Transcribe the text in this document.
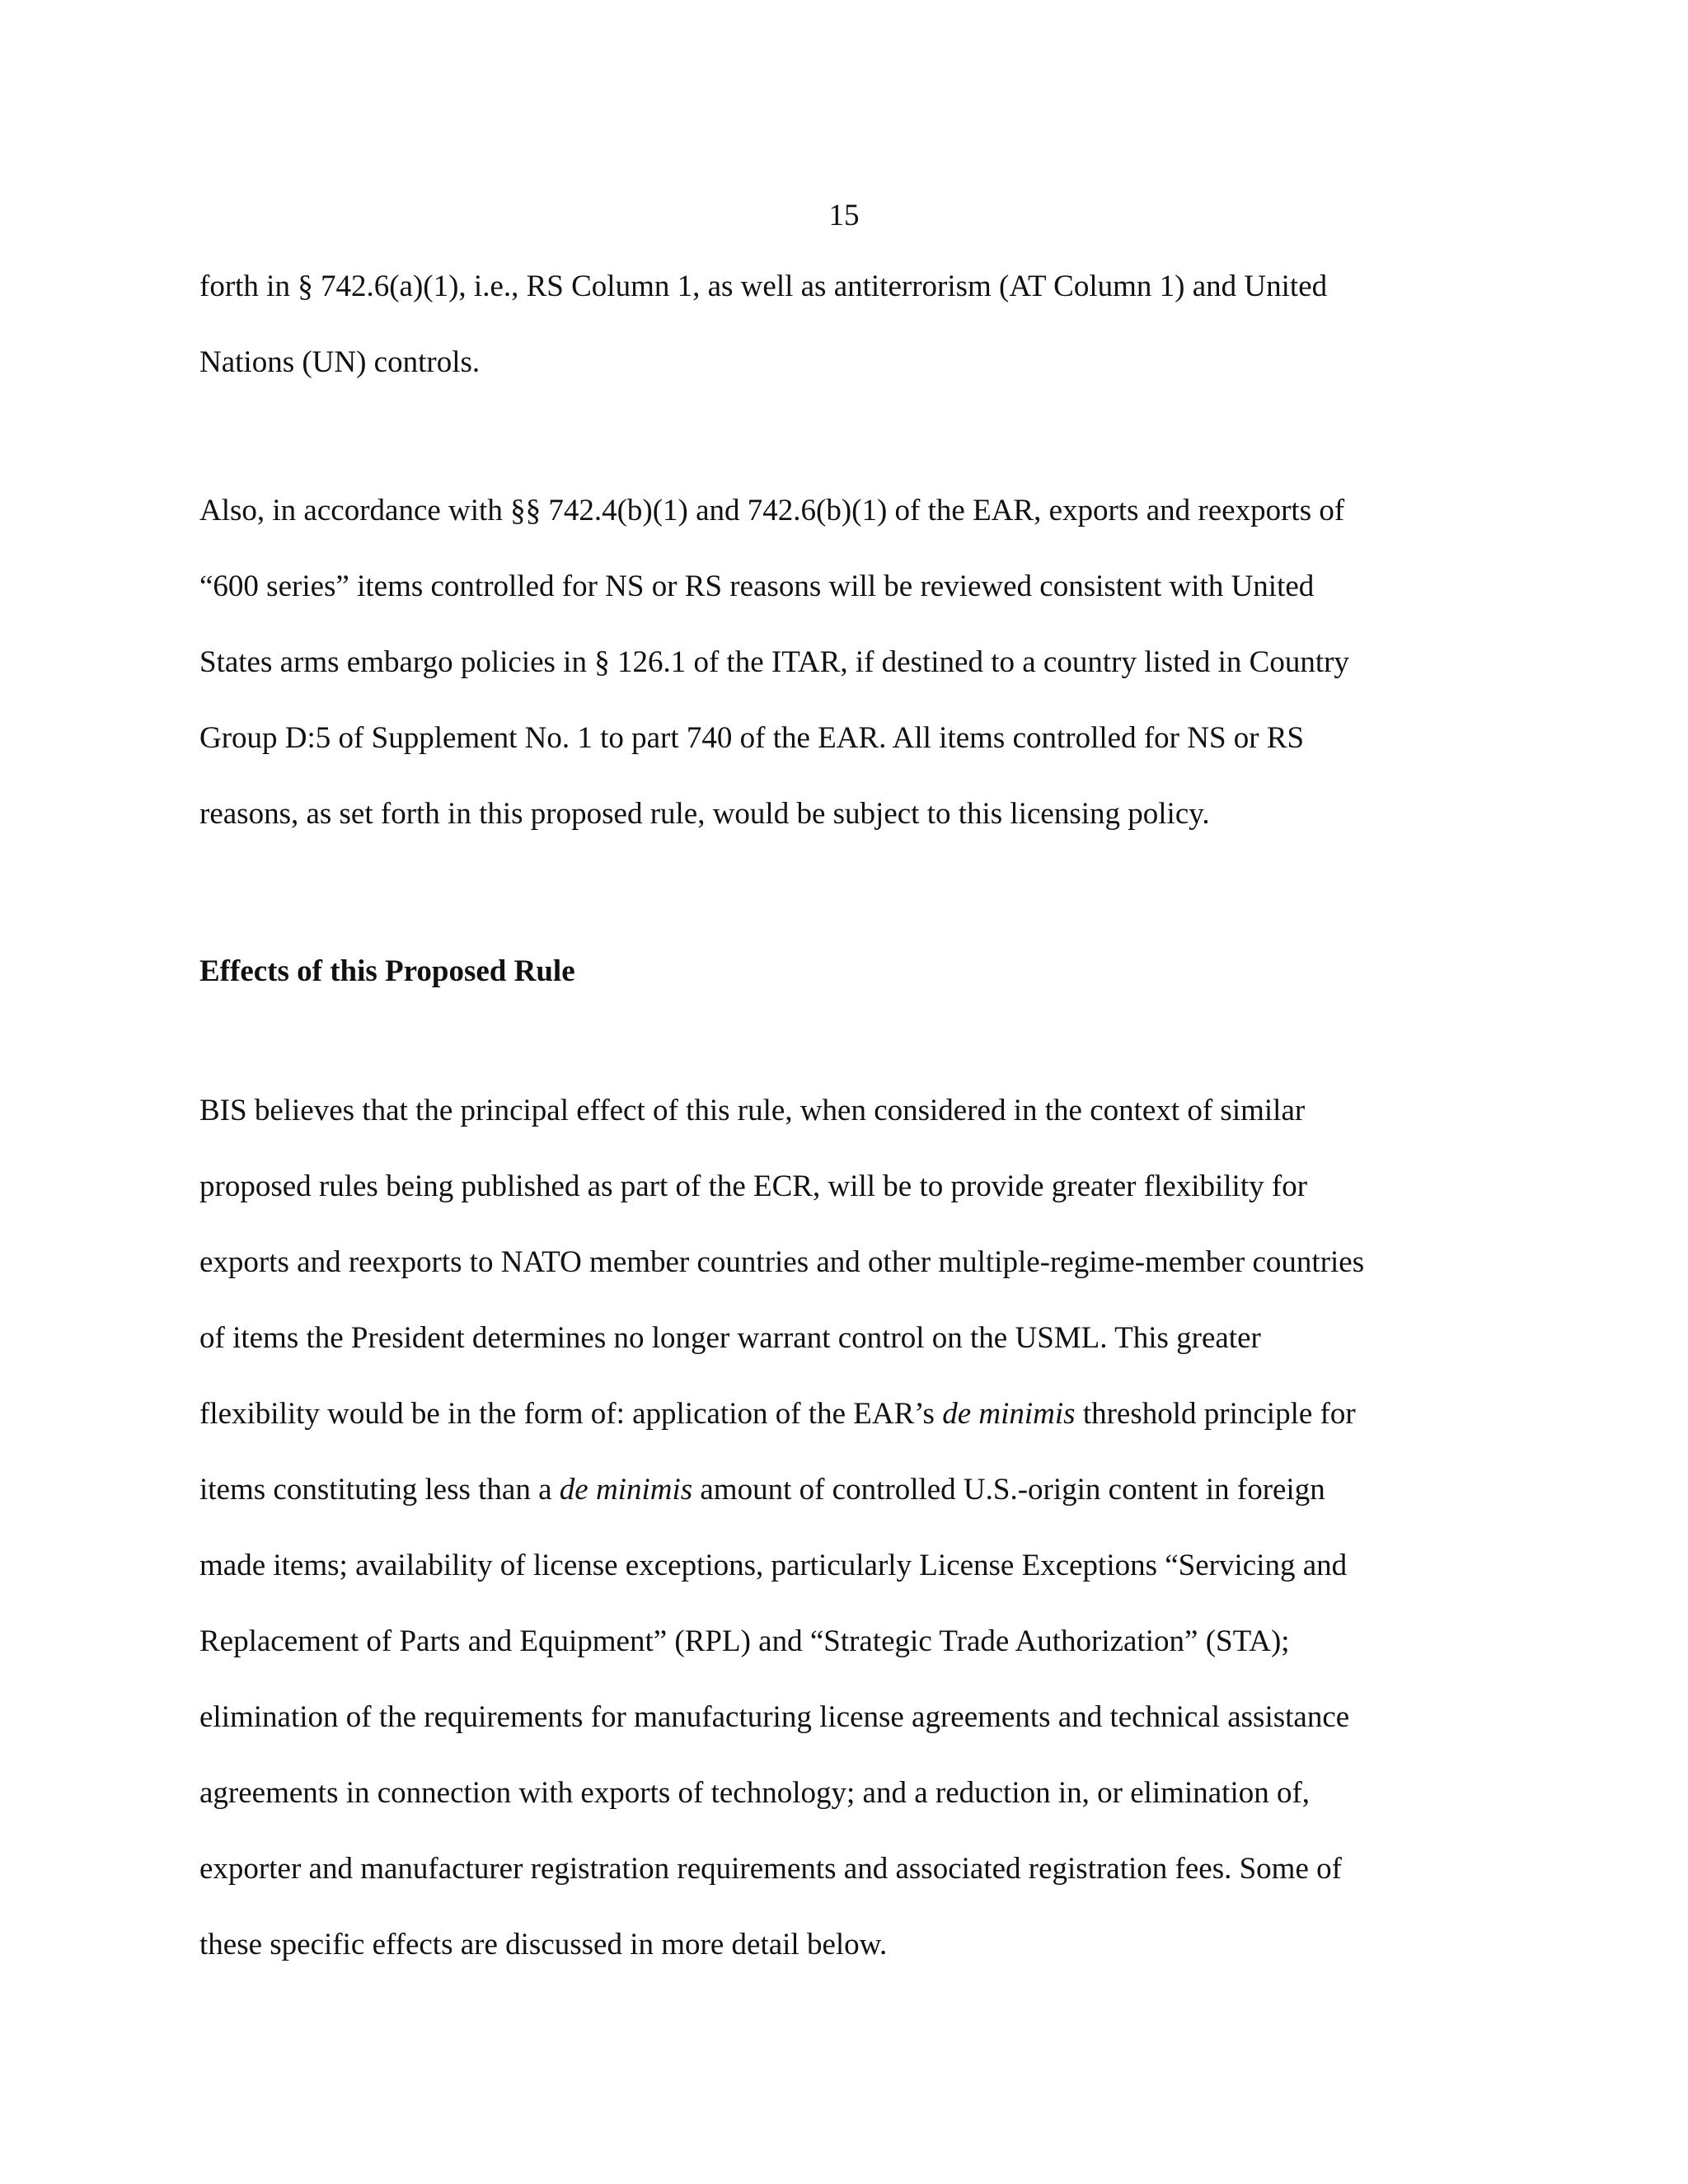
15

forth in § 742.6(a)(1), i.e., RS Column 1, as well as antiterrorism (AT Column 1) and United
Nations (UN) controls.

Also, in accordance with §§ 742.4(b)(1) and 742.6(b)(1) of the EAR, exports and reexports of
“600 series” items controlled for NS or RS reasons will be reviewed consistent with United
States arms embargo policies in § 126.1 of the ITAR, if destined to a country listed in Country
Group D:5 of Supplement No. 1 to part 740 of the EAR. All items controlled for NS or RS
reasons, as set forth in this proposed rule, would be subject to this licensing policy.

Effects of this Proposed Rule

BIS believes that the principal effect of this rule, when considered in the context of similar
proposed rules being published as part of the ECR, will be to provide greater flexibility for
exports and reexports to NATO member countries and other multiple-regime-member countries
of items the President determines no longer warrant control on the USML. This greater
flexibility would be in the form of: application of the EAR’s de minimis threshold principle for
items constituting less than a de minimis amount of controlled U.S.-origin content in foreign
made items; availability of license exceptions, particularly License Exceptions “Servicing and
Replacement of Parts and Equipment” (RPL) and “Strategic Trade Authorization” (STA);
elimination of the requirements for manufacturing license agreements and technical assistance
agreements in connection with exports of technology; and a reduction in, or elimination of,
exporter and manufacturer registration requirements and associated registration fees. Some of
these specific effects are discussed in more detail below.
